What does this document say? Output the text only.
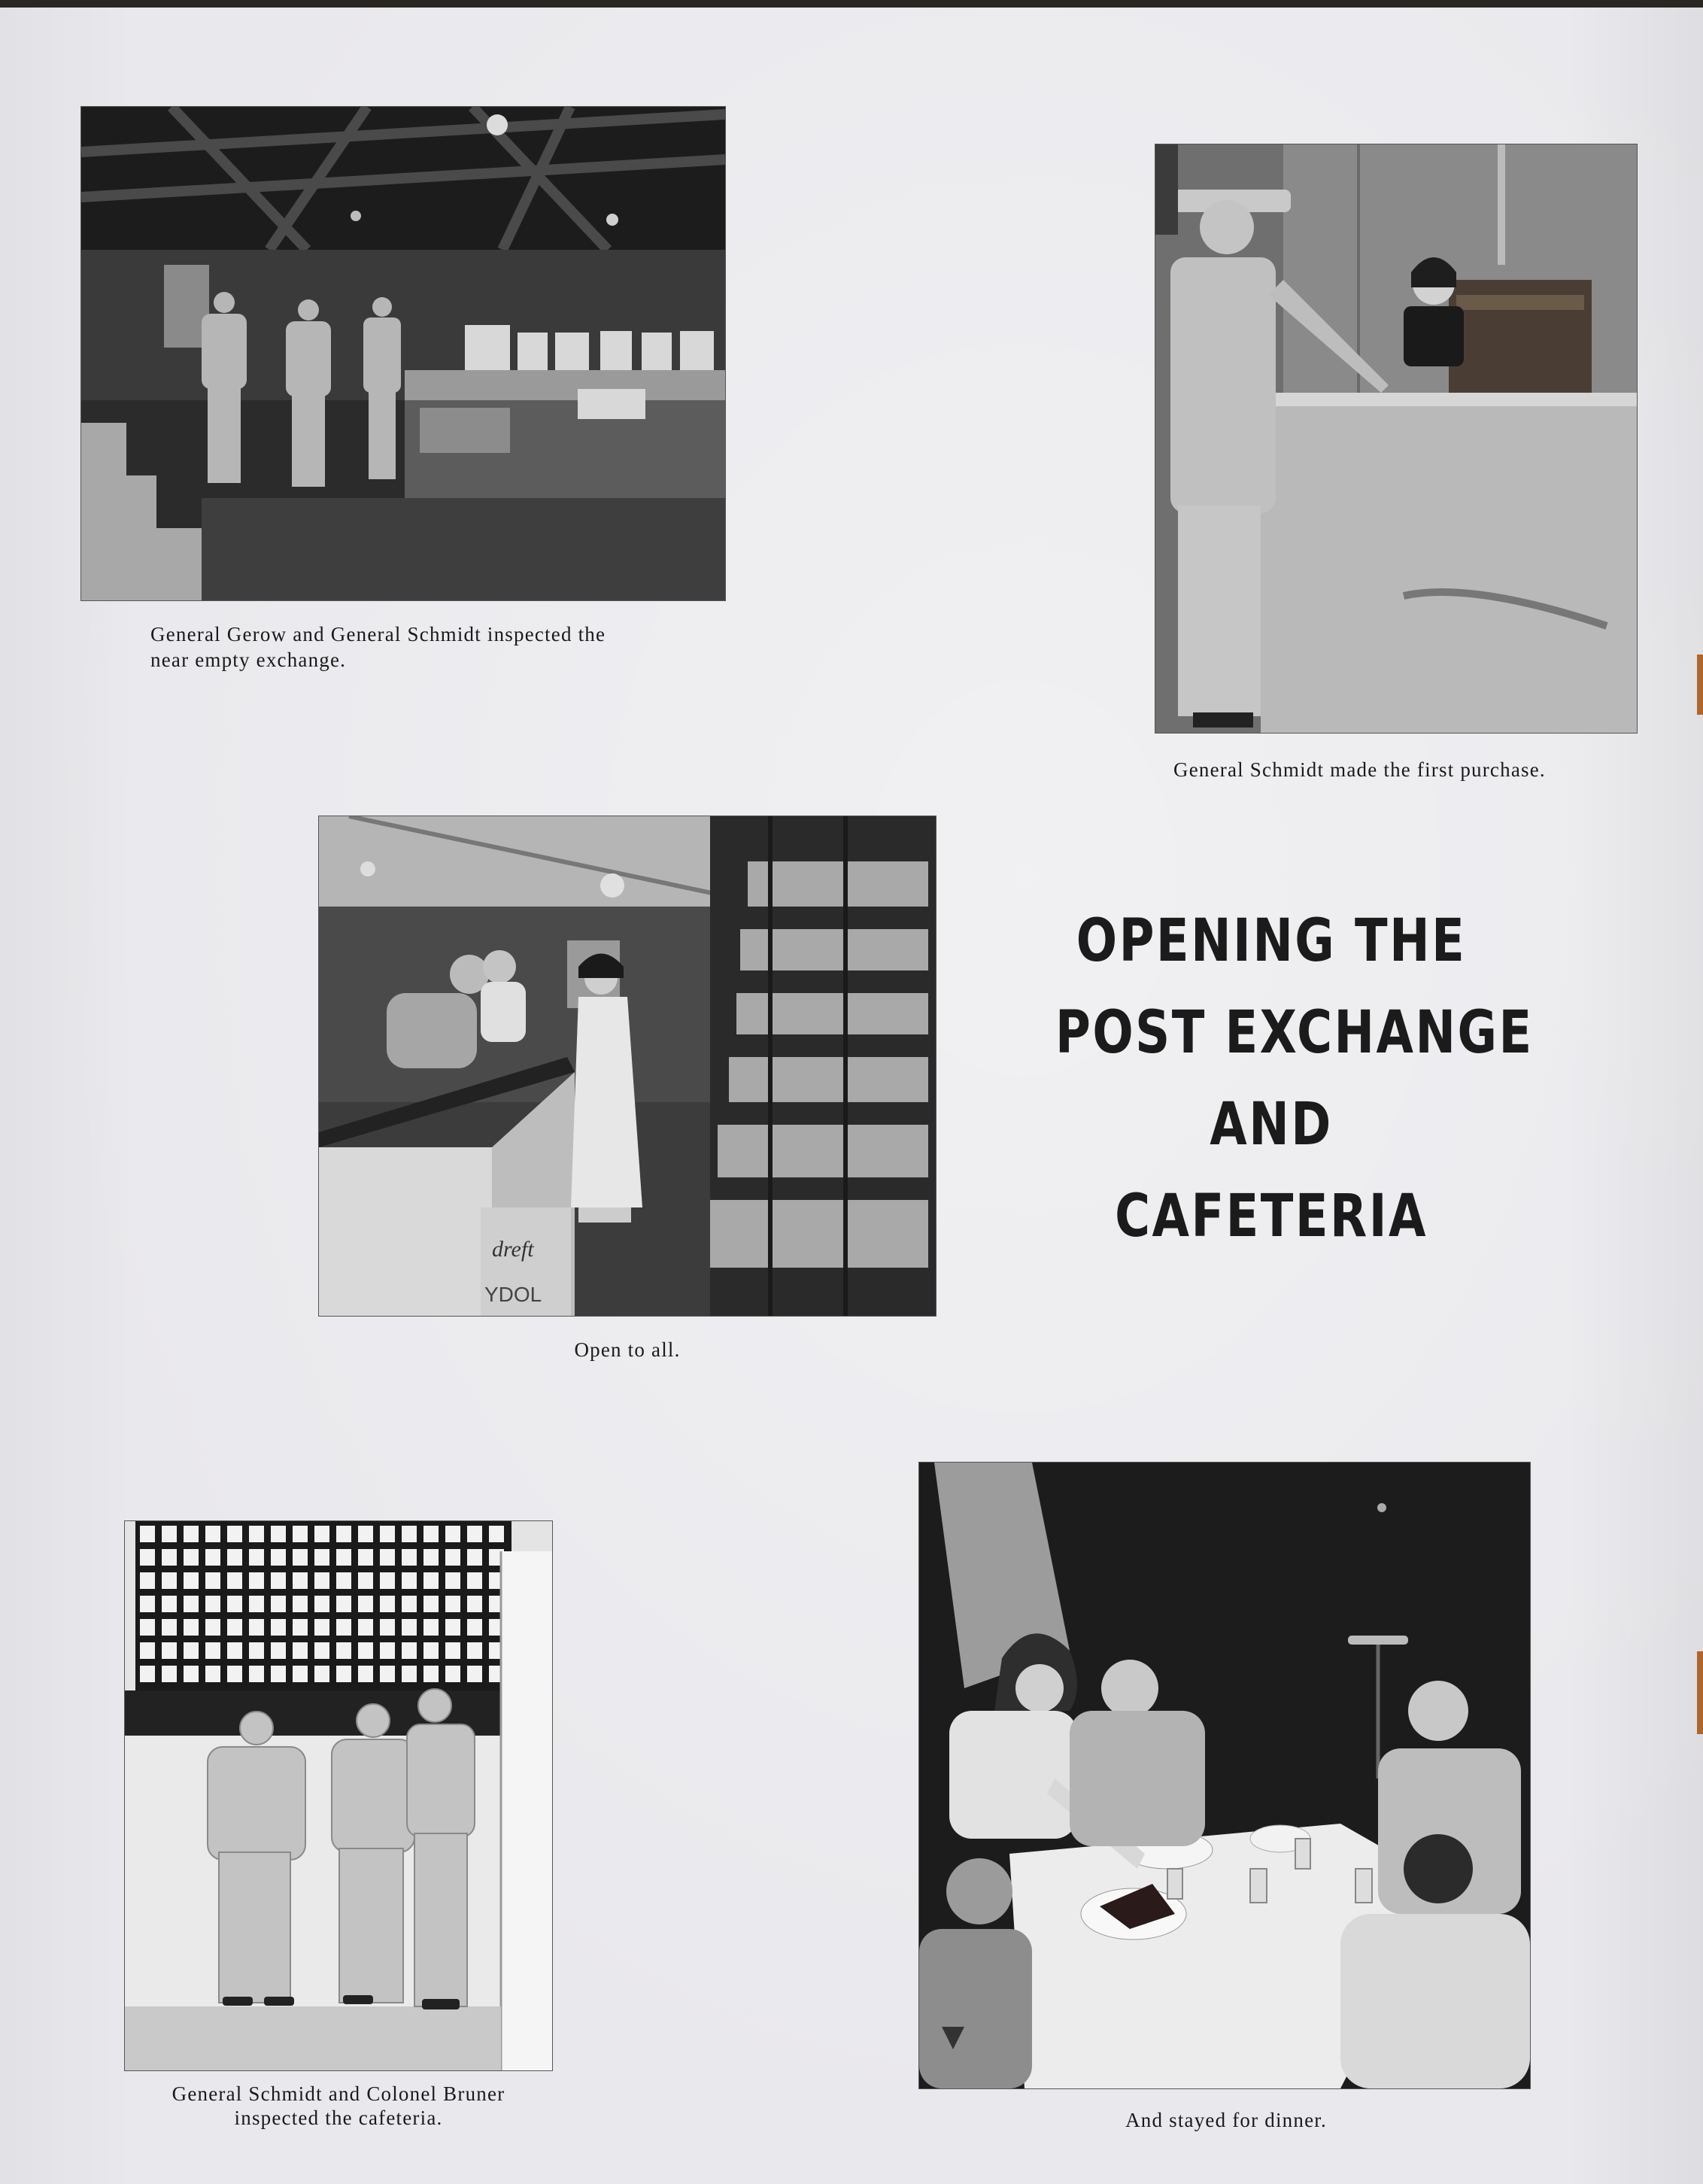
General Gerow and General Schmidt inspected the
near empty exchange.
General Schmidt made the first purchase.
dreft
YDOL
Open to all.
OPENING THE
POST EXCHANGE
AND
CAFETERIA
General Schmidt and Colonel Bruner
inspected the cafeteria.	And stayed for dinner.
